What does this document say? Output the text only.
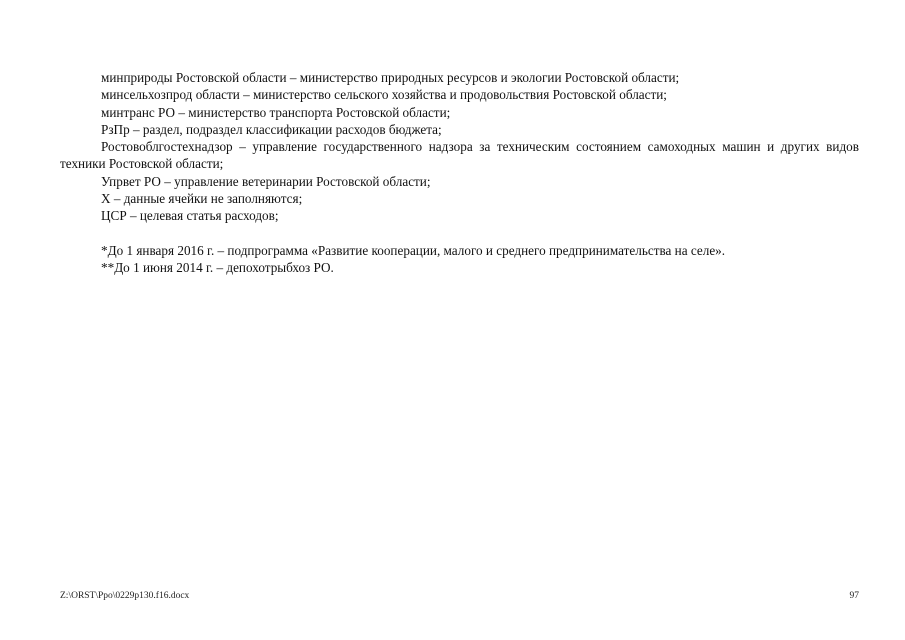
минприроды Ростовской области – министерство природных ресурсов и экологии Ростовской области;

минсельхозпрод области – министерство сельского хозяйства и продовольствия Ростовской области;

минтранс РО – министерство транспорта Ростовской области;

РзПр – раздел, подраздел классификации расходов бюджета;

Ростовоблгостехнадзор – управление государственного надзора за техническим состоянием самоходных машин и других видов техники Ростовской области;

Упрвет РО – управление ветеринарии Ростовской области;

Х – данные ячейки не заполняются;

ЦСР – целевая статья расходов;

*До 1 января 2016 г. – подпрограмма «Развитие кооперации, малого и среднего предпринимательства на селе».

**До 1 июня 2014 г. – депохотрыбхоз РО.

Z:\ORST\Ppo\0229p130.f16.docx	97
